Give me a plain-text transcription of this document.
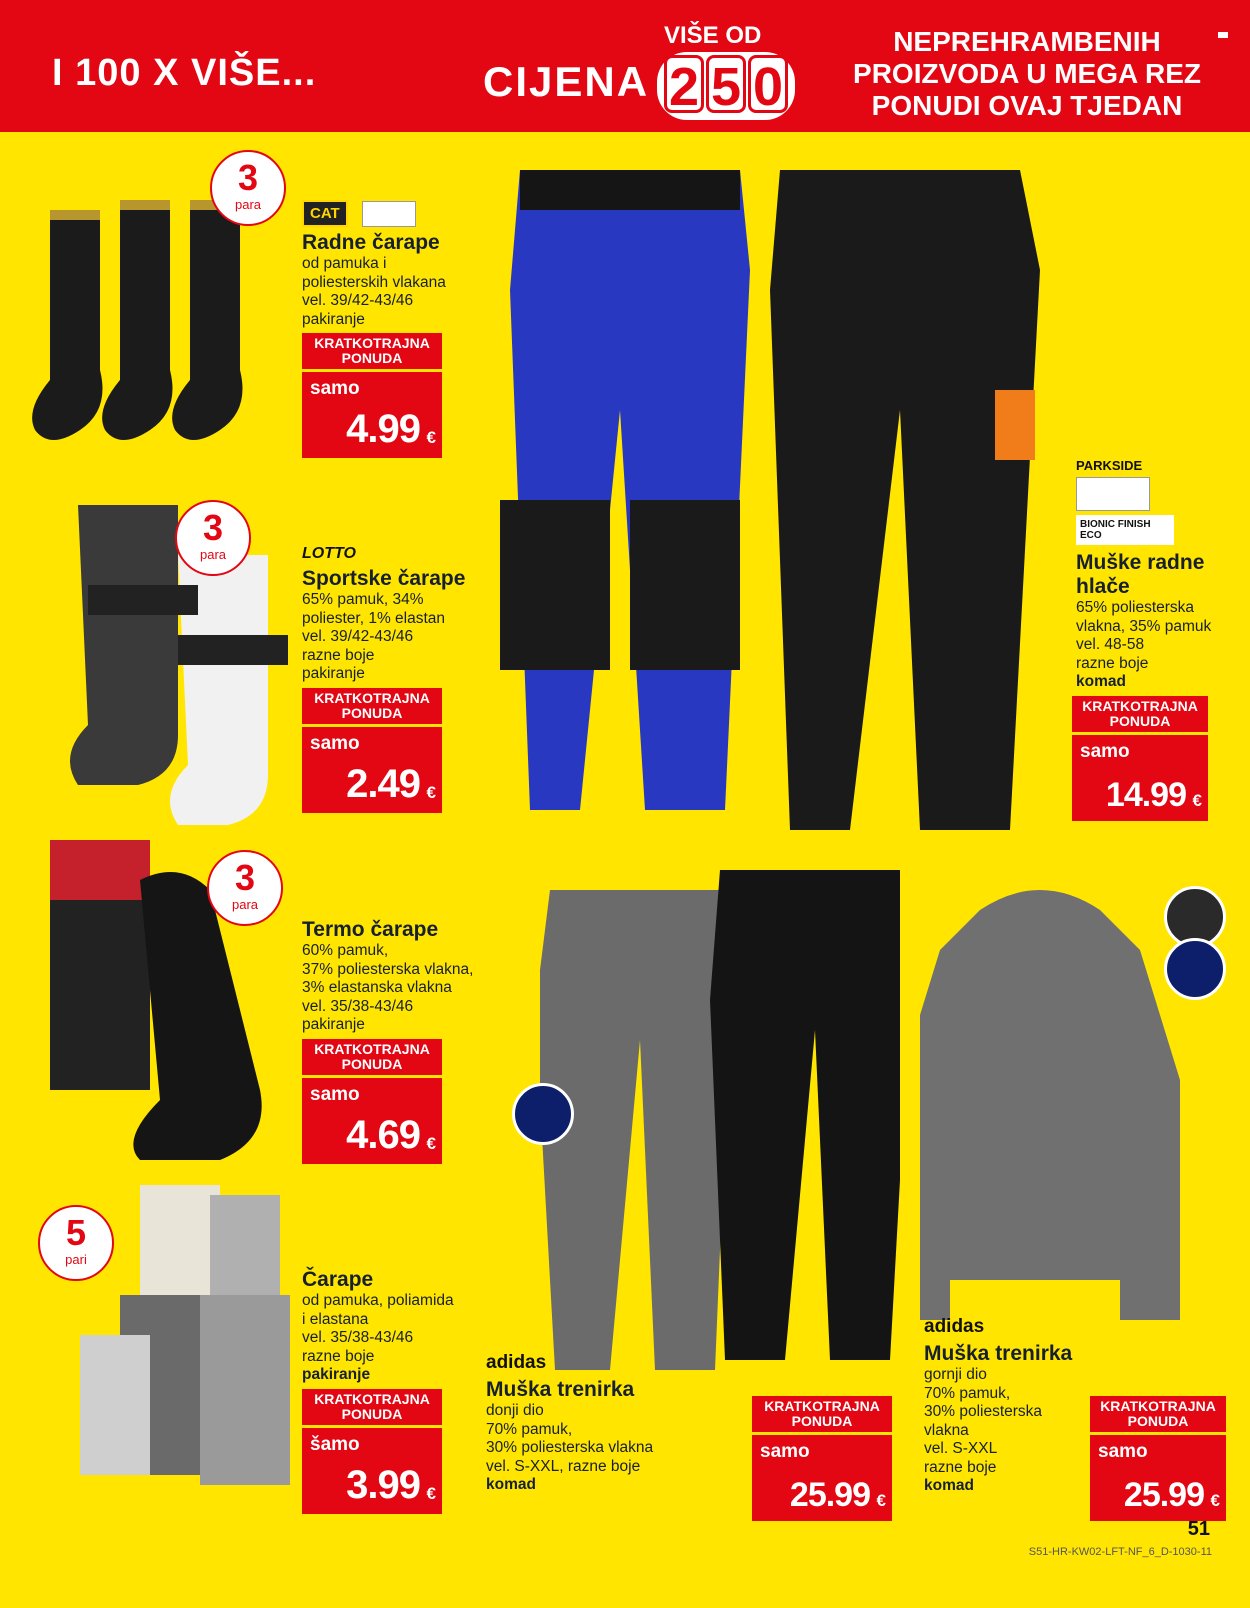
I 100 X VIŠE...	CIJENA
VIŠE OD
2 5 0
NEPREHRAMBENIH
PROIZVODA U MEGA REZ
PONUDI OVAJ TJEDAN
3
para
3
para
3
para
5
pari
CAT
Radne čarape
od pamuka i
poliesterskih vlakana
vel. 39/42-43/46
pakiranje
KRATKOTRAJNA
PONUDA
samo
4.99 €
LOTTO
Sportske čarape
65% pamuk, 34%
poliester, 1% elastan
vel. 39/42-43/46
razne boje
pakiranje
KRATKOTRAJNA
PONUDA
samo
2.49 €
Termo čarape
60% pamuk,
37% poliesterska vlakna,
3% elastanska vlakna
vel. 35/38-43/46
pakiranje
KRATKOTRAJNA
PONUDA
samo
4.69 €
Čarape
od pamuka, poliamida
i elastana
vel. 35/38-43/46
razne boje
pakiranje
KRATKOTRAJNA
PONUDA
šamo
3.99 €
PARKSIDE
BIONIC FINISH ECO
Muške radne
hlače
65% poliesterska
vlakna, 35% pamuk
vel. 48-58
razne boje
komad
KRATKOTRAJNA
PONUDA
samo
14.99 €
adidas
Muška trenirka
donji dio
70% pamuk,
30% poliesterska vlakna
vel. S-XXL, razne boje
komad
KRATKOTRAJNA
PONUDA
samo
25.99 €
adidas
Muška trenirka
gornji dio
70% pamuk,
30% poliesterska
vlakna
vel. S-XXL
razne boje
komad
KRATKOTRAJNA
PONUDA
samo
25.99 €
51
S51-HR-KW02-LFT-NF_6_D-1030-11
